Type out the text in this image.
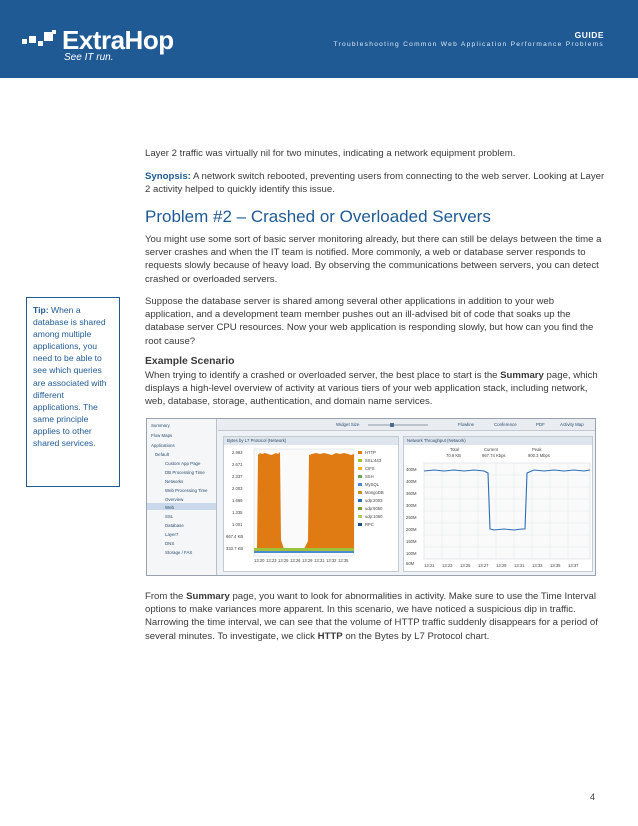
ExtraHop
See IT run.
GUIDE
Troubleshooting Common Web Application Performance Problems
Layer 2 traffic was virtually nil for two minutes, indicating a network equipment problem.
Synopsis: A network switch rebooted, preventing users from connecting to the web server. Looking at Layer 2 activity helped to quickly identify this issue.
Problem #2 – Crashed or Overloaded Servers
You might use some sort of basic server monitoring already, but there can still be delays between the time a server crashes and when the IT team is notified. More commonly, a web or database server responds to requests slowly because of heavy load. By observing the communications between servers, you can detect crashed or overloaded servers.
Suppose the database server is shared among several other applications in addition to your web application, and a development team member pushes out an ill-advised bit of code that soaks up the database server CPU resources. Now your web application is responding slowly, but how can you find the root cause?
Example Scenario
When trying to identify a crashed or overloaded server, the best place to start is the Summary page, which displays a high-level overview of activity at various tiers of your web application stack, including network, web, database, storage, authentication, and domain name services.
Tip: When a database is shared among multiple applications, you need to be able to see which queries are associated with different applications. The same principle applies to other shared services.
Summary
Flow Maps
Applications
Default
Custom App Page
DB Processing Time
Networks
Web Processing Time
Overview
Web
SSL
Database
Layer7
DNS
Storage / FAS
Widget Size	Flowline	Conference	PDF	Activity Map
Bytes by L7 Protocol (Network)
2.983
2.671
2.337
2.003
1.669
1.335
1.001
667.4 KB
333.7 KB
13:20 13:23 13:25 13:26 13:29 13:31 13:32 13:35
HTTP
SSL:443
CIFS
SSH
MySQL
MongoDB
udp:2003
udp:5050
udp:1060
RPC
Network Throughput (Network)
Total	Current	Peak
70.9 KB	967.74 Kbps	900.3 Mbps
400M
400M
360M
300M
250M
200M
150M
100M
50M 13:21 13:23 13:25 13:27 13:29 13:31 13:33 13:35 13:37
From the Summary page, you want to look for abnormalities in activity. Make sure to use the Time Interval options to make variances more apparent. In this scenario, we have noticed a suspicious dip in traffic. Narrowing the time interval, we can see that the volume of HTTP traffic suddenly disappears for a period of several minutes. To investigate, we click HTTP on the Bytes by L7 Protocol chart.
4
